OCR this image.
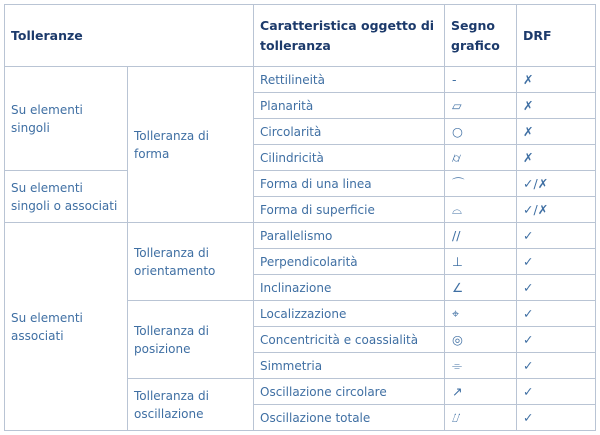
Tolleranze		Caratteristica oggetto di tolleranza	Segno grafico	DRF
Su elementi singoli	Tolleranza di forma	Rettilineità	-	✗
		Planarità	▱	✗
		Circolarità	○	✗
		Cilindricità	⌭	✗
Su elementi singoli o associati		Forma di una linea	⌒	✓/✗
		Forma di superficie	⌓	✓/✗
Su elementi associati	Tolleranza di orientamento	Parallelismo	//	✓
		Perpendicolarità	⊥	✓
		Inclinazione	∠	✓
	Tolleranza di posizione	Localizzazione	⌖	✓
		Concentricità e coassialità	◎	✓
		Simmetria	⌯	✓
	Tolleranza di oscillazione	Oscillazione circolare	↗	✓
		Oscillazione totale	⌰	✓
